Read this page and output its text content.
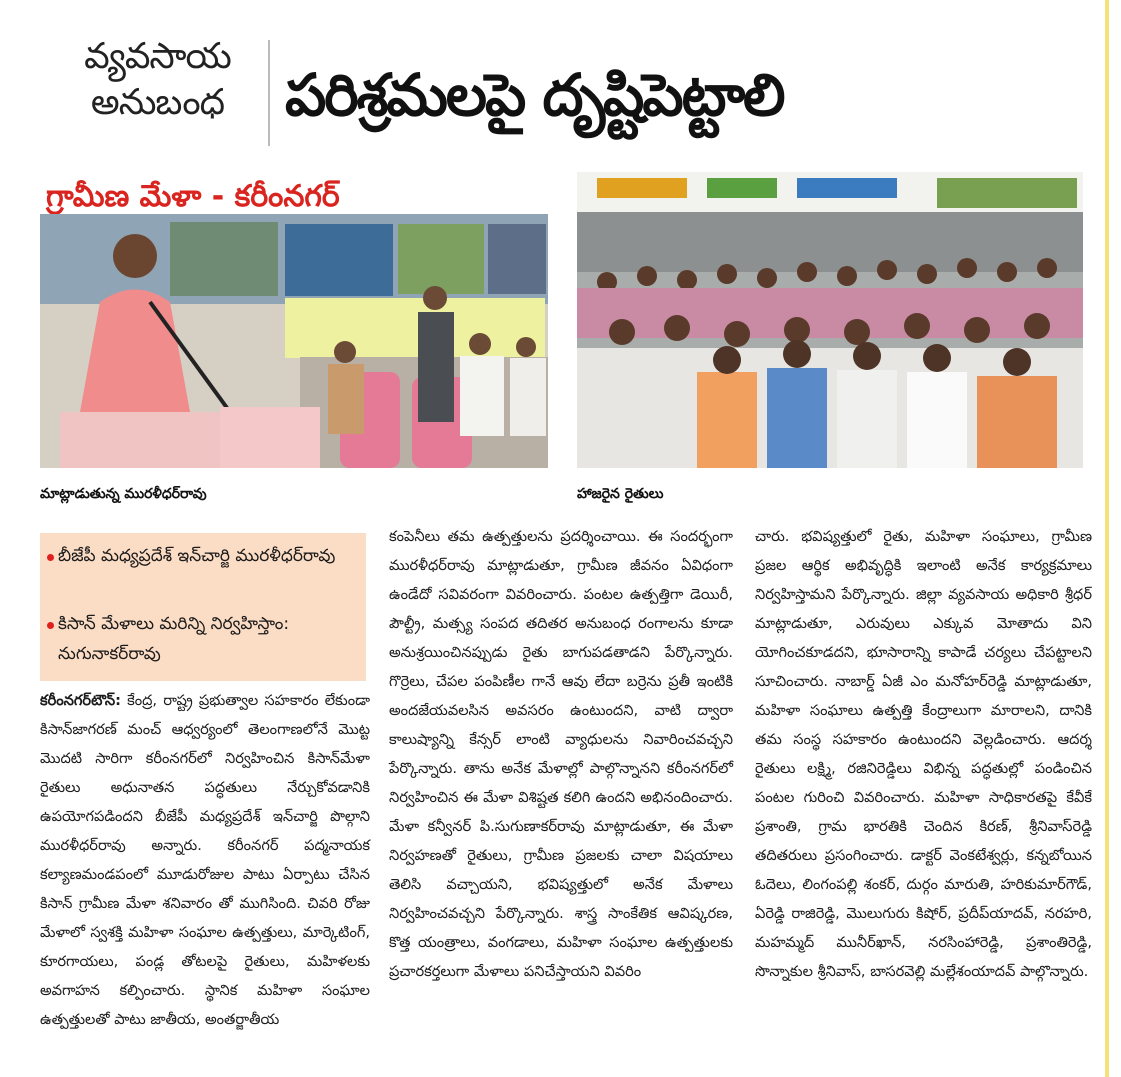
వ్యవసాయ
అనుబంధ	పరిశ్రమలపై దృష్టిపెట్టాలి
గ్రామీణ మేళా - కరీంనగర్
మాట్లాడుతున్న మురళీధర్‌రావు	హాజరైన రైతులు
బీజేపీ మధ్యప్రదేశ్ ఇన్‌చార్జి మురళీధర్‌రావు
కిసాన్ మేళాలు మరిన్ని నిర్వహిస్తాం: నుగునాకర్‌రావు

కరీంనగర్‌టౌన్: కేంద్ర, రాష్ట్ర ప్రభుత్వాల సహకారం లేకుండా కిసాన్‌జాగరణ్ మంచ్ ఆధ్వర్యంలో తెలంగాణలోనే మొట్ట మొదటి సారిగా కరీంనగర్‌లో నిర్వహించిన కిసాన్‌మేళా రైతులు అధునాతన పద్ధతులు నేర్చుకోవడానికి ఉపయోగపడిందని బీజేపీ మధ్యప్రదేశ్ ఇన్‌చార్జి పొల్గాని మురళీధర్‌రావు అన్నారు. కరీంనగర్ పద్మనాయక కల్యాణమండపంలో మూడురోజుల పాటు ఏర్పాటు చేసిన కిసాన్ గ్రామీణ మేళా శనివారం తో ముగిసింది. చివరి రోజు మేళాలో స్వశక్తి మహిళా సంఘాల ఉత్పత్తులు, మార్కెటింగ్, కూరగాయలు, పండ్ల తోటలపై రైతులు, మహిళలకు అవగాహన కల్పించారు. స్థానిక మహిళా సంఘాల ఉత్పత్తులతో పాటు జాతీయ, అంతర్జాతీయ

కంపెనీలు తమ ఉత్పత్తులను ప్రదర్శించాయి. ఈ సందర్భంగా మురళీధర్‌రావు మాట్లాడుతూ, గ్రామీణ జీవనం ఏవిధంగా ఉండేదో సవివరంగా వివరించారు. పంటల ఉత్పత్తిగా డెయిరీ, పౌల్ట్రీ, మత్స్య సంపద తదితర అనుబంధ రంగాలను కూడా అనుశ్రయించినప్పుడు రైతు బాగుపడతాడని పేర్కొన్నారు. గొర్రెలు, చేపల పంపిణీల గానే ఆవు లేదా బర్రెను ప్రతీ ఇంటికి అందజేయవలసిన అవసరం ఉంటుందని, వాటి ద్వారా కాలుష్యాన్ని కేన్సర్ లాంటి వ్యాధులను నివారించవచ్చని పేర్కొన్నారు. తాను అనేక మేళాల్లో పాల్గొన్నానని కరీంనగర్‌లో నిర్వహించిన ఈ మేళా విశిష్టత కలిగి ఉందని అభినందించారు. మేళా కన్వీనర్ పి.సుగుణాకర్‌రావు మాట్లాడుతూ, ఈ మేళా నిర్వహణతో రైతులు, గ్రామీణ ప్రజలకు చాలా విషయాలు తెలిసి వచ్చాయని, భవిష్యత్తులో అనేక మేళాలు నిర్వహించవచ్చని పేర్కొన్నారు. శాస్త్ర సాంకేతిక ఆవిష్కరణ, కొత్త యంత్రాలు, వంగడాలు, మహిళా సంఘాల ఉత్పత్తులకు ప్రచారకర్తలుగా మేళాలు పనిచేస్తాయని వివరిం

చారు. భవిష్యత్తులో రైతు, మహిళా సంఘాలు, గ్రామీణ ప్రజల ఆర్థిక అభివృద్ధికి ఇలాంటి అనేక కార్యక్రమాలు నిర్వహిస్తామని పేర్కొన్నారు. జిల్లా వ్యవసాయ అధికారి శ్రీధర్ మాట్లాడుతూ, ఎరువులు ఎక్కువ మోతాదు విని యోగించకూడదని, భూసారాన్ని కాపాడే చర్యలు చేపట్టాలని సూచించారు. నాబార్డ్ ఏజీ ఎం మనోహర్‌రెడ్డి మాట్లాడుతూ, మహిళా సంఘాలు ఉత్పత్తి కేంద్రాలుగా మారాలని, దానికి తమ సంస్థ సహకారం ఉంటుందని వెల్లడించారు. ఆదర్శ రైతులు లక్ష్మి, రజినిరెడ్డిలు విభిన్న పద్ధతుల్లో పండించిన పంటల గురించి వివరించారు. మహిళా సాధికారతపై కేవీకే ప్రశాంతి, గ్రామ భారతికి చెందిన కిరణ్, శ్రీనివాస్‌రెడ్డి తదితరులు ప్రసంగించారు. డాక్టర్ వెంకటేశ్వర్లు, కన్నబోయిన ఓదెలు, లింగంపల్లి శంకర్, దుర్గం మారుతి, హరికుమార్‌గౌడ్, ఏరెడ్డి రాజిరెడ్డి, మొలుగురు కిషోర్, ప్రదీప్‌యాదవ్, నరహరి, మహమ్మద్ మునీర్‌ఖాన్, నరసింహారెడ్డి, ప్రశాంతిరెడ్డి, సొన్నాకుల శ్రీనివాస్, బాసరవెల్లి మల్లేశంయాదవ్ పాల్గొన్నారు.
